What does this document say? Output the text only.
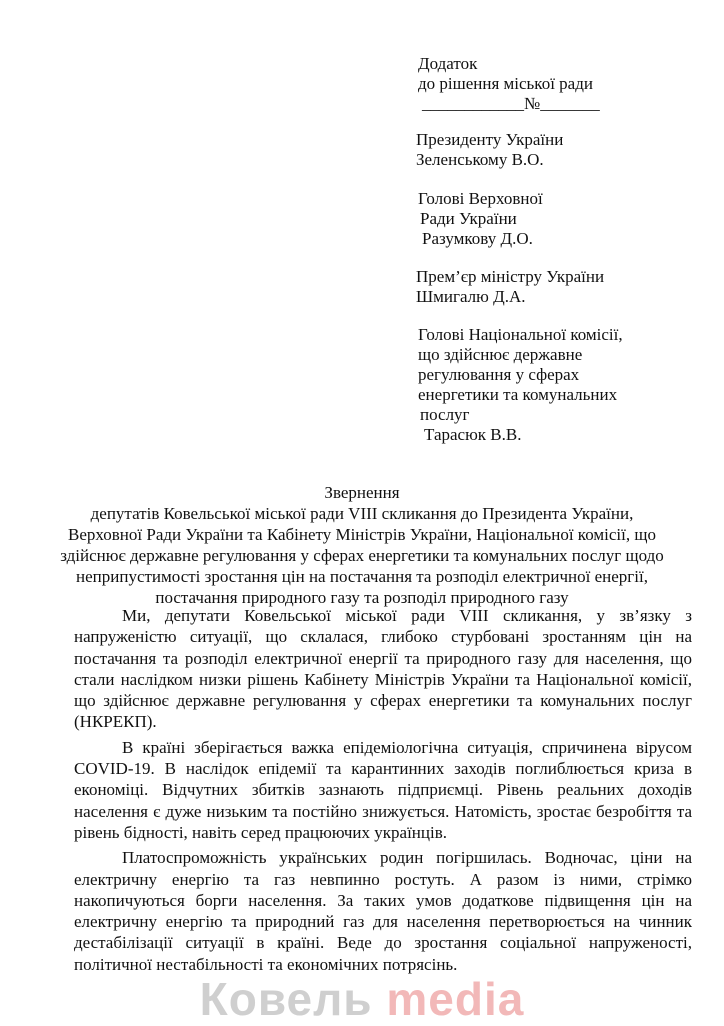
Додаток
до рішення міської ради
____________№_______
Президенту України
Зеленському В.О.
Голові Верховної
Ради України
Разумкову Д.О.
Прем’єр міністру України
Шмигалю Д.А.
Голові Національної комісії,
що здійснює державне
регулювання у сферах
енергетики та комунальних
послуг
Тарасюк В.В.
Звернення
депутатів Ковельської міської ради VIII скликання до Президента України,
Верховної Ради України та Кабінету Міністрів України, Національної комісії, що
здійснює державне регулювання у сферах енергетики та комунальних послуг щодо
неприпустимості зростання цін на постачання та розподіл електричної енергії,
постачання природного газу та розподіл природного газу

Ми, депутати Ковельської міської ради VIII скликання, у зв’язку з напруженістю ситуації, що склалася, глибоко стурбовані зростанням цін на постачання та розподіл електричної енергії та природного газу для населення, що стали наслідком низки рішень Кабінету Міністрів України та Національної комісії, що здійснює державне регулювання у сферах енергетики та комунальних послуг (НКРЕКП).

В країні зберігається важка епідеміологічна ситуація, спричинена вірусом COVID-19. В наслідок епідемії та карантинних заходів поглиблюється криза в економіці. Відчутних збитків зазнають підприємці. Рівень реальних доходів населення є дуже низьким та постійно знижується. Натомість, зростає безробіття та рівень бідності, навіть серед працюючих українців.

Платоспроможність українських родин погіршилась. Водночас, ціни на електричну енергію та газ невпинно ростуть. А разом із ними, стрімко накопичуються борги населення. За таких умов додаткове підвищення цін на електричну енергію та природний газ для населення перетворюється на чинник дестабілізації ситуації в країні. Веде до зростання соціальної напруженості, політичної нестабільності та економічних потрясінь.

Ковель media
